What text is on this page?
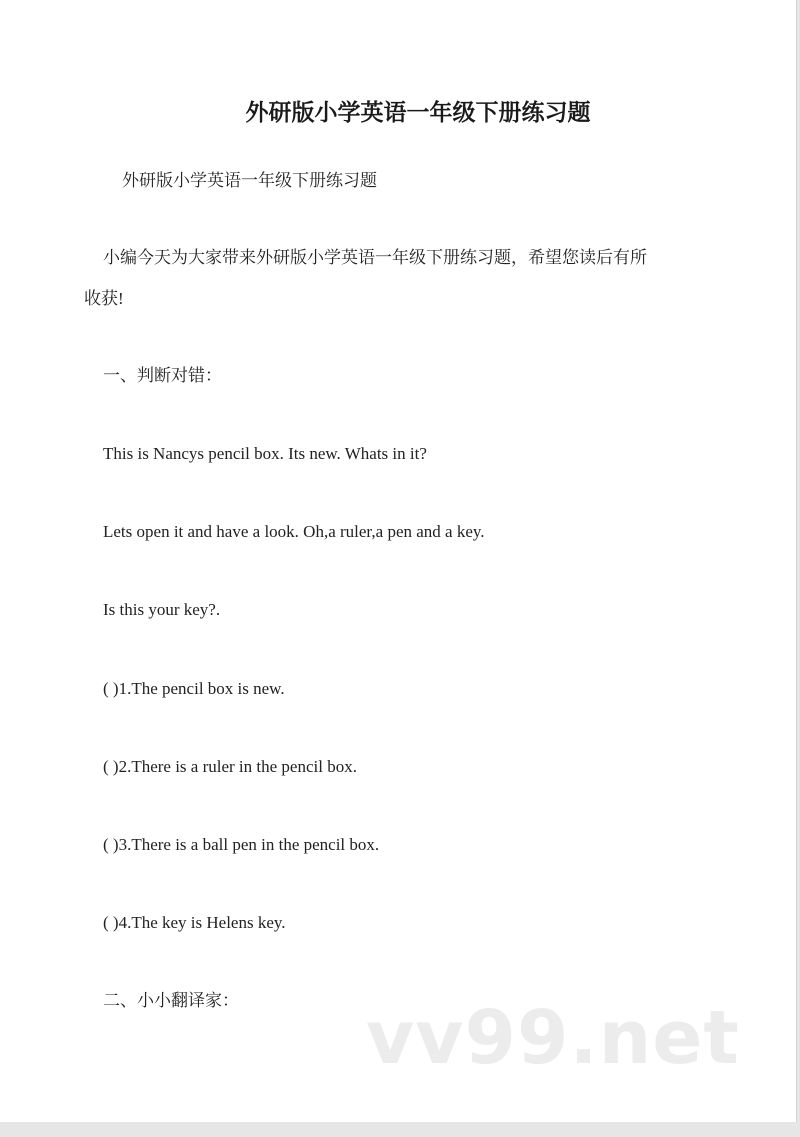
外研版小学英语一年级下册练习题
外研版小学英语一年级下册练习题
小编今天为大家带来外研版小学英语一年级下册练习题，希望您读后有所
收获!
一、判断对错：
This is Nancys pencil box. Its new. Whats in it?
Lets open it and have a look. Oh,a ruler,a pen and a key.
Is this your key?.
( )1.The pencil box is new.
( )2.There is a ruler in the pencil box.
( )3.There is a ball pen in the pencil box.
( )4.The key is Helens key.
二、小小翻译家： vv99.net
